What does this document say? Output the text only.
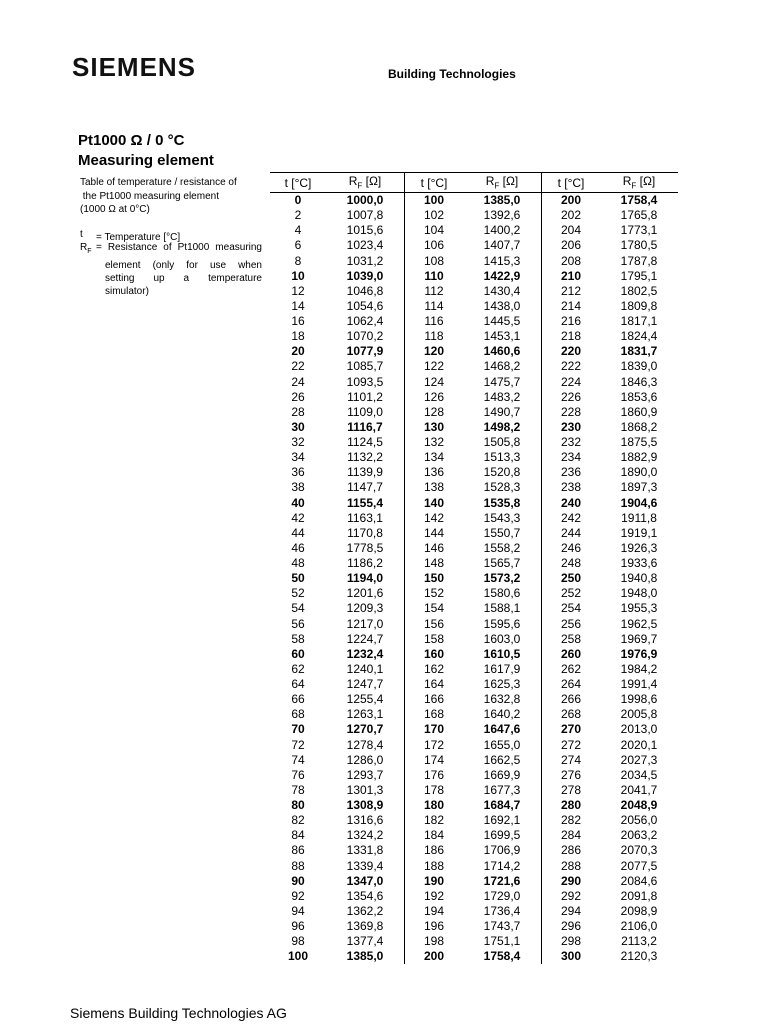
SIEMENS	Building Technologies
Pt1000 Ω / 0 °C
Measuring element
Table of temperature / resistance of
the Pt1000 measuring element
(1000 Ω at 0°C)
t	= Temperature [°C]
$R_F$ = Resistance of Pt1000 measuring
element (only for use when
setting up a temperature
simulator)
t [°C]	$R_F$ [Ω]	t [°C]	$R_F$ [Ω]	t [°C]	$R_F$ [Ω]
0	1000,0	100	1385,0	200	1758,4
2	1007,8	102	1392,6	202	1765,8
4	1015,6	104	1400,2	204	1773,1
6	1023,4	106	1407,7	206	1780,5
8	1031,2	108	1415,3	208	1787,8
10	1039,0	110	1422,9	210	1795,1
12	1046,8	112	1430,4	212	1802,5
14	1054,6	114	1438,0	214	1809,8
16	1062,4	116	1445,5	216	1817,1
18	1070,2	118	1453,1	218	1824,4
20	1077,9	120	1460,6	220	1831,7
22	1085,7	122	1468,2	222	1839,0
24	1093,5	124	1475,7	224	1846,3
26	1101,2	126	1483,2	226	1853,6
28	1109,0	128	1490,7	228	1860,9
30	1116,7	130	1498,2	230	1868,2
32	1124,5	132	1505,8	232	1875,5
34	1132,2	134	1513,3	234	1882,9
36	1139,9	136	1520,8	236	1890,0
38	1147,7	138	1528,3	238	1897,3
40	1155,4	140	1535,8	240	1904,6
42	1163,1	142	1543,3	242	1911,8
44	1170,8	144	1550,7	244	1919,1
46	1778,5	146	1558,2	246	1926,3
48	1186,2	148	1565,7	248	1933,6
50	1194,0	150	1573,2	250	1940,8
52	1201,6	152	1580,6	252	1948,0
54	1209,3	154	1588,1	254	1955,3
56	1217,0	156	1595,6	256	1962,5
58	1224,7	158	1603,0	258	1969,7
60	1232,4	160	1610,5	260	1976,9
62	1240,1	162	1617,9	262	1984,2
64	1247,7	164	1625,3	264	1991,4
66	1255,4	166	1632,8	266	1998,6
68	1263,1	168	1640,2	268	2005,8
70	1270,7	170	1647,6	270	2013,0
72	1278,4	172	1655,0	272	2020,1
74	1286,0	174	1662,5	274	2027,3
76	1293,7	176	1669,9	276	2034,5
78	1301,3	178	1677,3	278	2041,7
80	1308,9	180	1684,7	280	2048,9
82	1316,6	182	1692,1	282	2056,0
84	1324,2	184	1699,5	284	2063,2
86	1331,8	186	1706,9	286	2070,3
88	1339,4	188	1714,2	288	2077,5
90	1347,0	190	1721,6	290	2084,6
92	1354,6	192	1729,0	292	2091,8
94	1362,2	194	1736,4	294	2098,9
96	1369,8	196	1743,7	296	2106,0
98	1377,4	198	1751,1	298	2113,2
100	1385,0	200	1758,4	300	2120,3
Siemens Building Technologies AG
